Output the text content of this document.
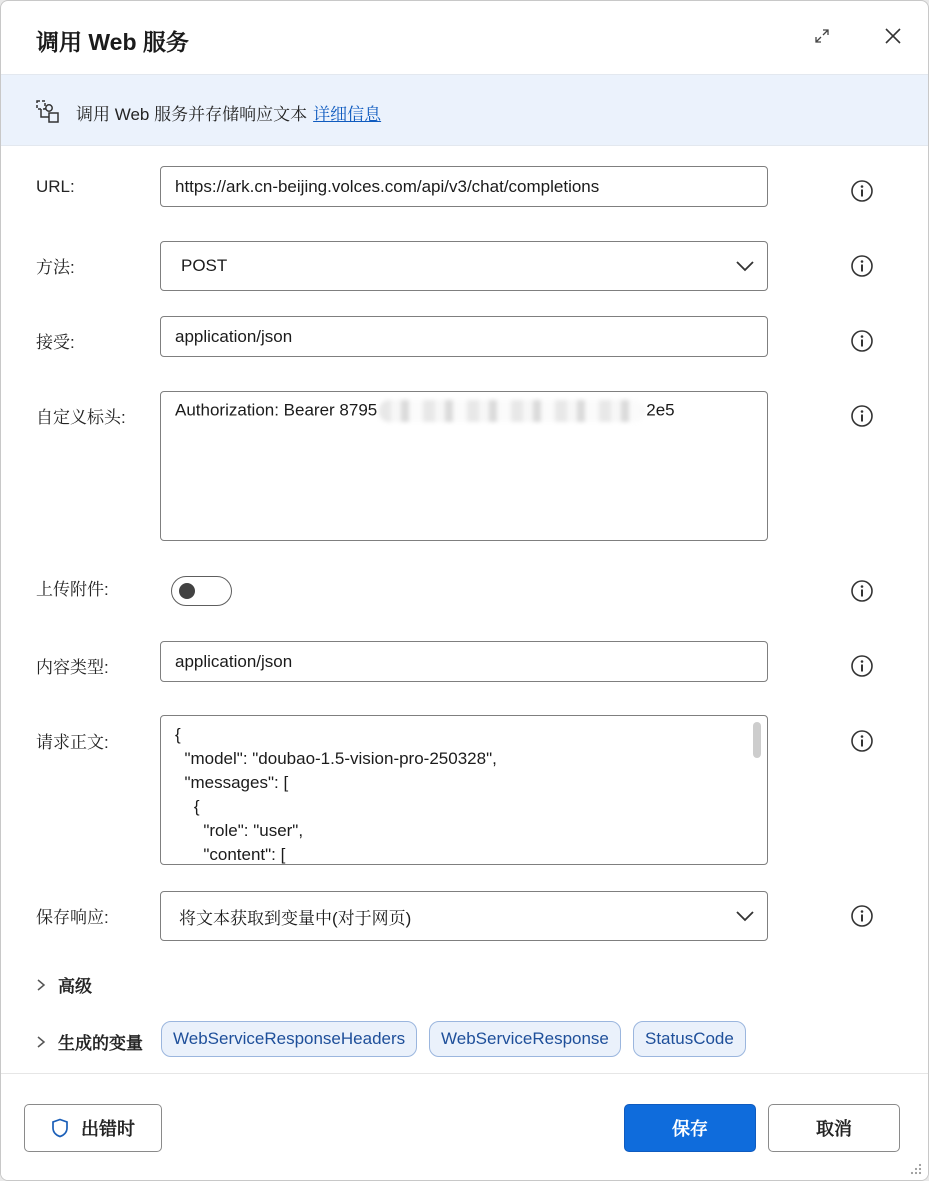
调用 Web 服务
调用 Web 服务并存储响应文本 详细信息
URL:	https://ark.cn-beijing.volces.com/api/v3/chat/completions
方法:	POST
接受:	application/json
自定义标头:	Authorization: Bearer 8795	2e5
上传附件:
内容类型:	application/json
请求正文:	{
"model": "doubao-1.5-vision-pro-250328",
"messages": [
{
"role": "user",
"content": [
保存响应:	将文本获取到变量中(对于网页)
高级
生成的变量	WebServiceResponseHeaders	WebServiceResponse	StatusCode
出错时	保存	取消
